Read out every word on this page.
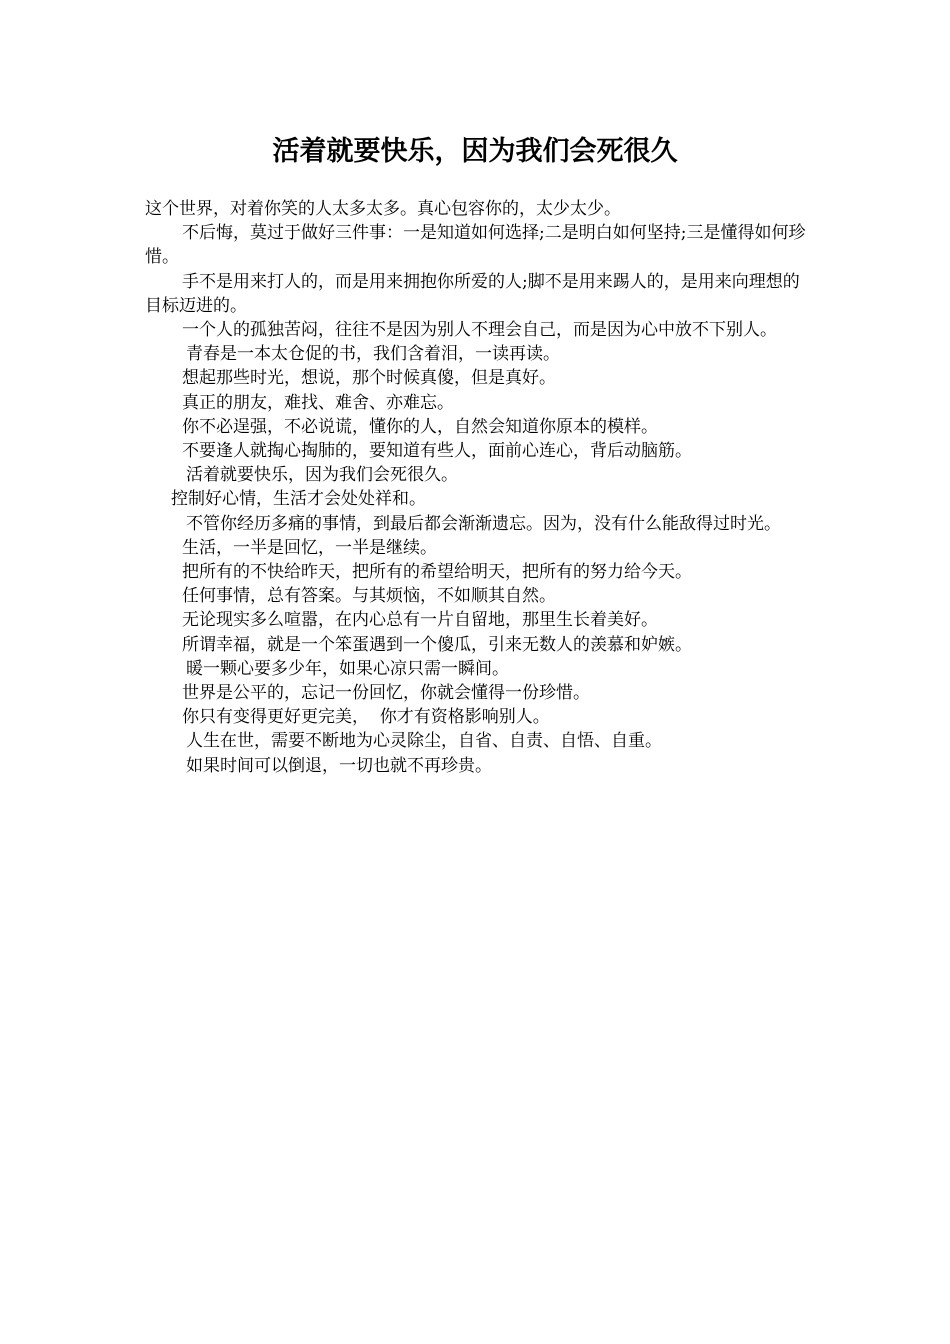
活着就要快乐，因为我们会死很久

这个世界，对着你笑的人太多太多。真心包容你的，太少太少。

不后悔，莫过于做好三件事：一是知道如何选择;二是明白如何坚持;三是懂得如何珍惜。

手不是用来打人的，而是用来拥抱你所爱的人;脚不是用来踢人的，是用来向理想的目标迈进的。

一个人的孤独苦闷，往往不是因为别人不理会自己，而是因为心中放不下别人。

青春是一本太仓促的书，我们含着泪，一读再读。

想起那些时光，想说，那个时候真傻，但是真好。

真正的朋友，难找、难舍、亦难忘。

你不必逞强，不必说谎，懂你的人，自然会知道你原本的模样。

不要逢人就掏心掏肺的，要知道有些人，面前心连心，背后动脑筋。

活着就要快乐，因为我们会死很久。

控制好心情，生活才会处处祥和。

不管你经历多痛的事情，到最后都会渐渐遗忘。因为，没有什么能敌得过时光。

生活，一半是回忆，一半是继续。

把所有的不快给昨天，把所有的希望给明天，把所有的努力给今天。

任何事情，总有答案。与其烦恼，不如顺其自然。

无论现实多么喧嚣，在内心总有一片自留地，那里生长着美好。

所谓幸福，就是一个笨蛋遇到一个傻瓜，引来无数人的羡慕和妒嫉。

暖一颗心要多少年，如果心凉只需一瞬间。

世界是公平的，忘记一份回忆，你就会懂得一份珍惜。

你只有变得更好更完美，  你才有资格影响别人。

人生在世，需要不断地为心灵除尘，自省、自责、自悟、自重。

如果时间可以倒退，一切也就不再珍贵。
